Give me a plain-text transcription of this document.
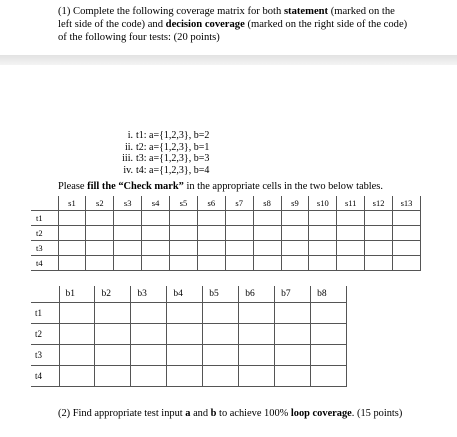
(1) Complete the following coverage matrix for both statement (marked on the left side of the code) and decision coverage (marked on the right side of the code) of the following four tests: (20 points)
i. t1: a={1,2,3}, b=2
ii. t2: a={1,2,3}, b=1
iii. t3: a={1,2,3}, b=3
iv. t4: a={1,2,3}, b=4
Please fill the “Check mark” in the appropriate cells in the two below tables.
	s1	s2	s3	s4	s5	s6	s7	s8	s9	s10	s11	s12	s13
t1													
t2													
t3													
t4													
	b1	b2	b3	b4	b5	b6	b7	b8
t1								
t2								
t3								
t4								
(2) Find appropriate test input a and b to achieve 100% loop coverage. (15 points)
